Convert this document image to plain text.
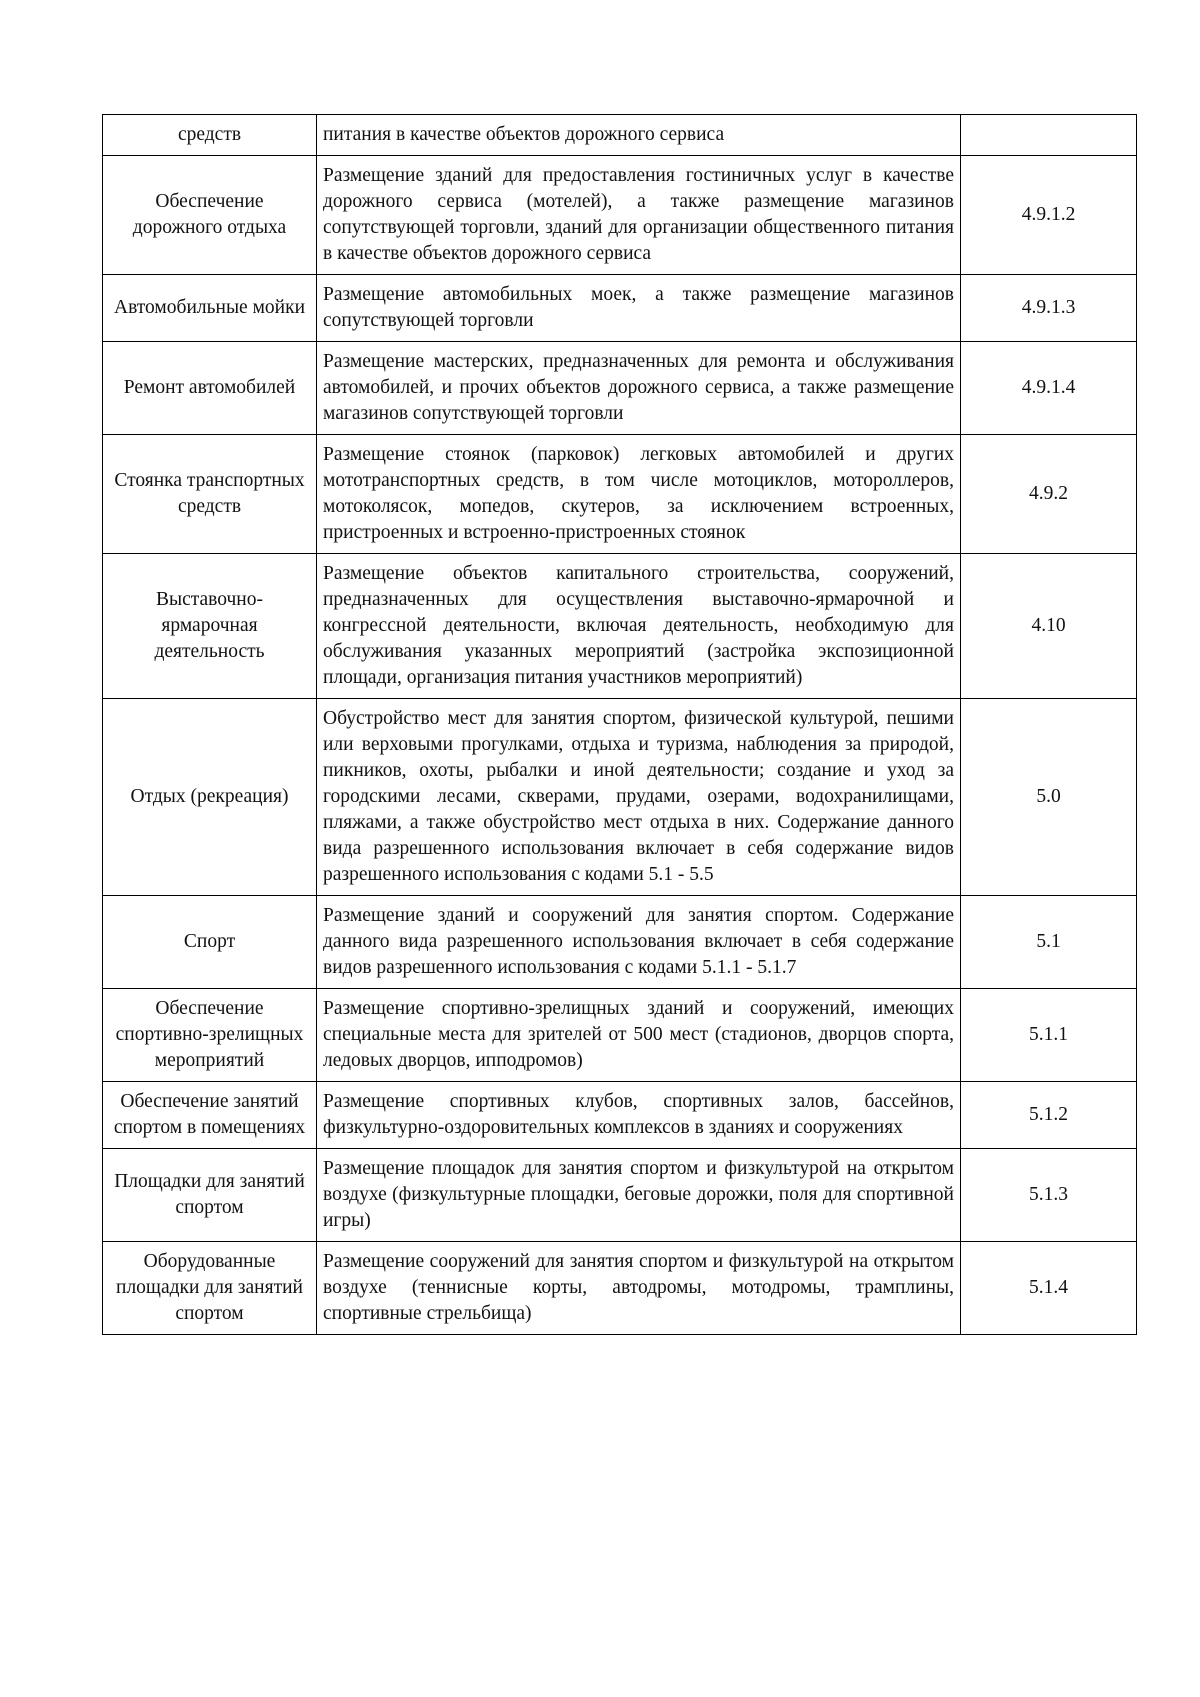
средств	питания в качестве объектов дорожного сервиса	
Обеспечение дорожного отдыха	Размещение зданий для предоставления гостиничных услуг в качестве дорожного сервиса (мотелей), а также размещение магазинов сопутствующей торговли, зданий для организации общественного питания в качестве объектов дорожного сервиса	4.9.1.2
Автомобильные мойки	Размещение автомобильных моек, а также размещение магазинов сопутствующей торговли	4.9.1.3
Ремонт автомобилей	Размещение мастерских, предназначенных для ремонта и обслуживания автомобилей, и прочих объектов дорожного сервиса, а также размещение магазинов сопутствующей торговли	4.9.1.4
Стоянка транспортных средств	Размещение стоянок (парковок) легковых автомобилей и других мототранспортных средств, в том числе мотоциклов, мотороллеров, мотоколясок, мопедов, скутеров, за исключением встроенных, пристроенных и встроенно-пристроенных стоянок	4.9.2
Выставочно-ярмарочная деятельность	Размещение объектов капитального строительства, сооружений, предназначенных для осуществления выставочно-ярмарочной и конгрессной деятельности, включая деятельность, необходимую для обслуживания указанных мероприятий (застройка экспозиционной площади, организация питания участников мероприятий)	4.10
Отдых (рекреация)	Обустройство мест для занятия спортом, физической культурой, пешими или верховыми прогулками, отдыха и туризма, наблюдения за природой, пикников, охоты, рыбалки и иной деятельности; создание и уход за городскими лесами, скверами, прудами, озерами, водохранилищами, пляжами, а также обустройство мест отдыха в них. Содержание данного вида разрешенного использования включает в себя содержание видов разрешенного использования с кодами 5.1 - 5.5	5.0
Спорт	Размещение зданий и сооружений для занятия спортом. Содержание данного вида разрешенного использования включает в себя содержание видов разрешенного использования с кодами 5.1.1 - 5.1.7	5.1
Обеспечение спортивно-зрелищных мероприятий	Размещение спортивно-зрелищных зданий и сооружений, имеющих специальные места для зрителей от 500 мест (стадионов, дворцов спорта, ледовых дворцов, ипподромов)	5.1.1
Обеспечение занятий спортом в помещениях	Размещение спортивных клубов, спортивных залов, бассейнов, физкультурно-оздоровительных комплексов в зданиях и сооружениях	5.1.2
Площадки для занятий спортом	Размещение площадок для занятия спортом и физкультурой на открытом воздухе (физкультурные площадки, беговые дорожки, поля для спортивной игры)	5.1.3
Оборудованные площадки для занятий спортом	Размещение сооружений для занятия спортом и физкультурой на открытом воздухе (теннисные корты, автодромы, мотодромы, трамплины, спортивные стрельбища)	5.1.4
